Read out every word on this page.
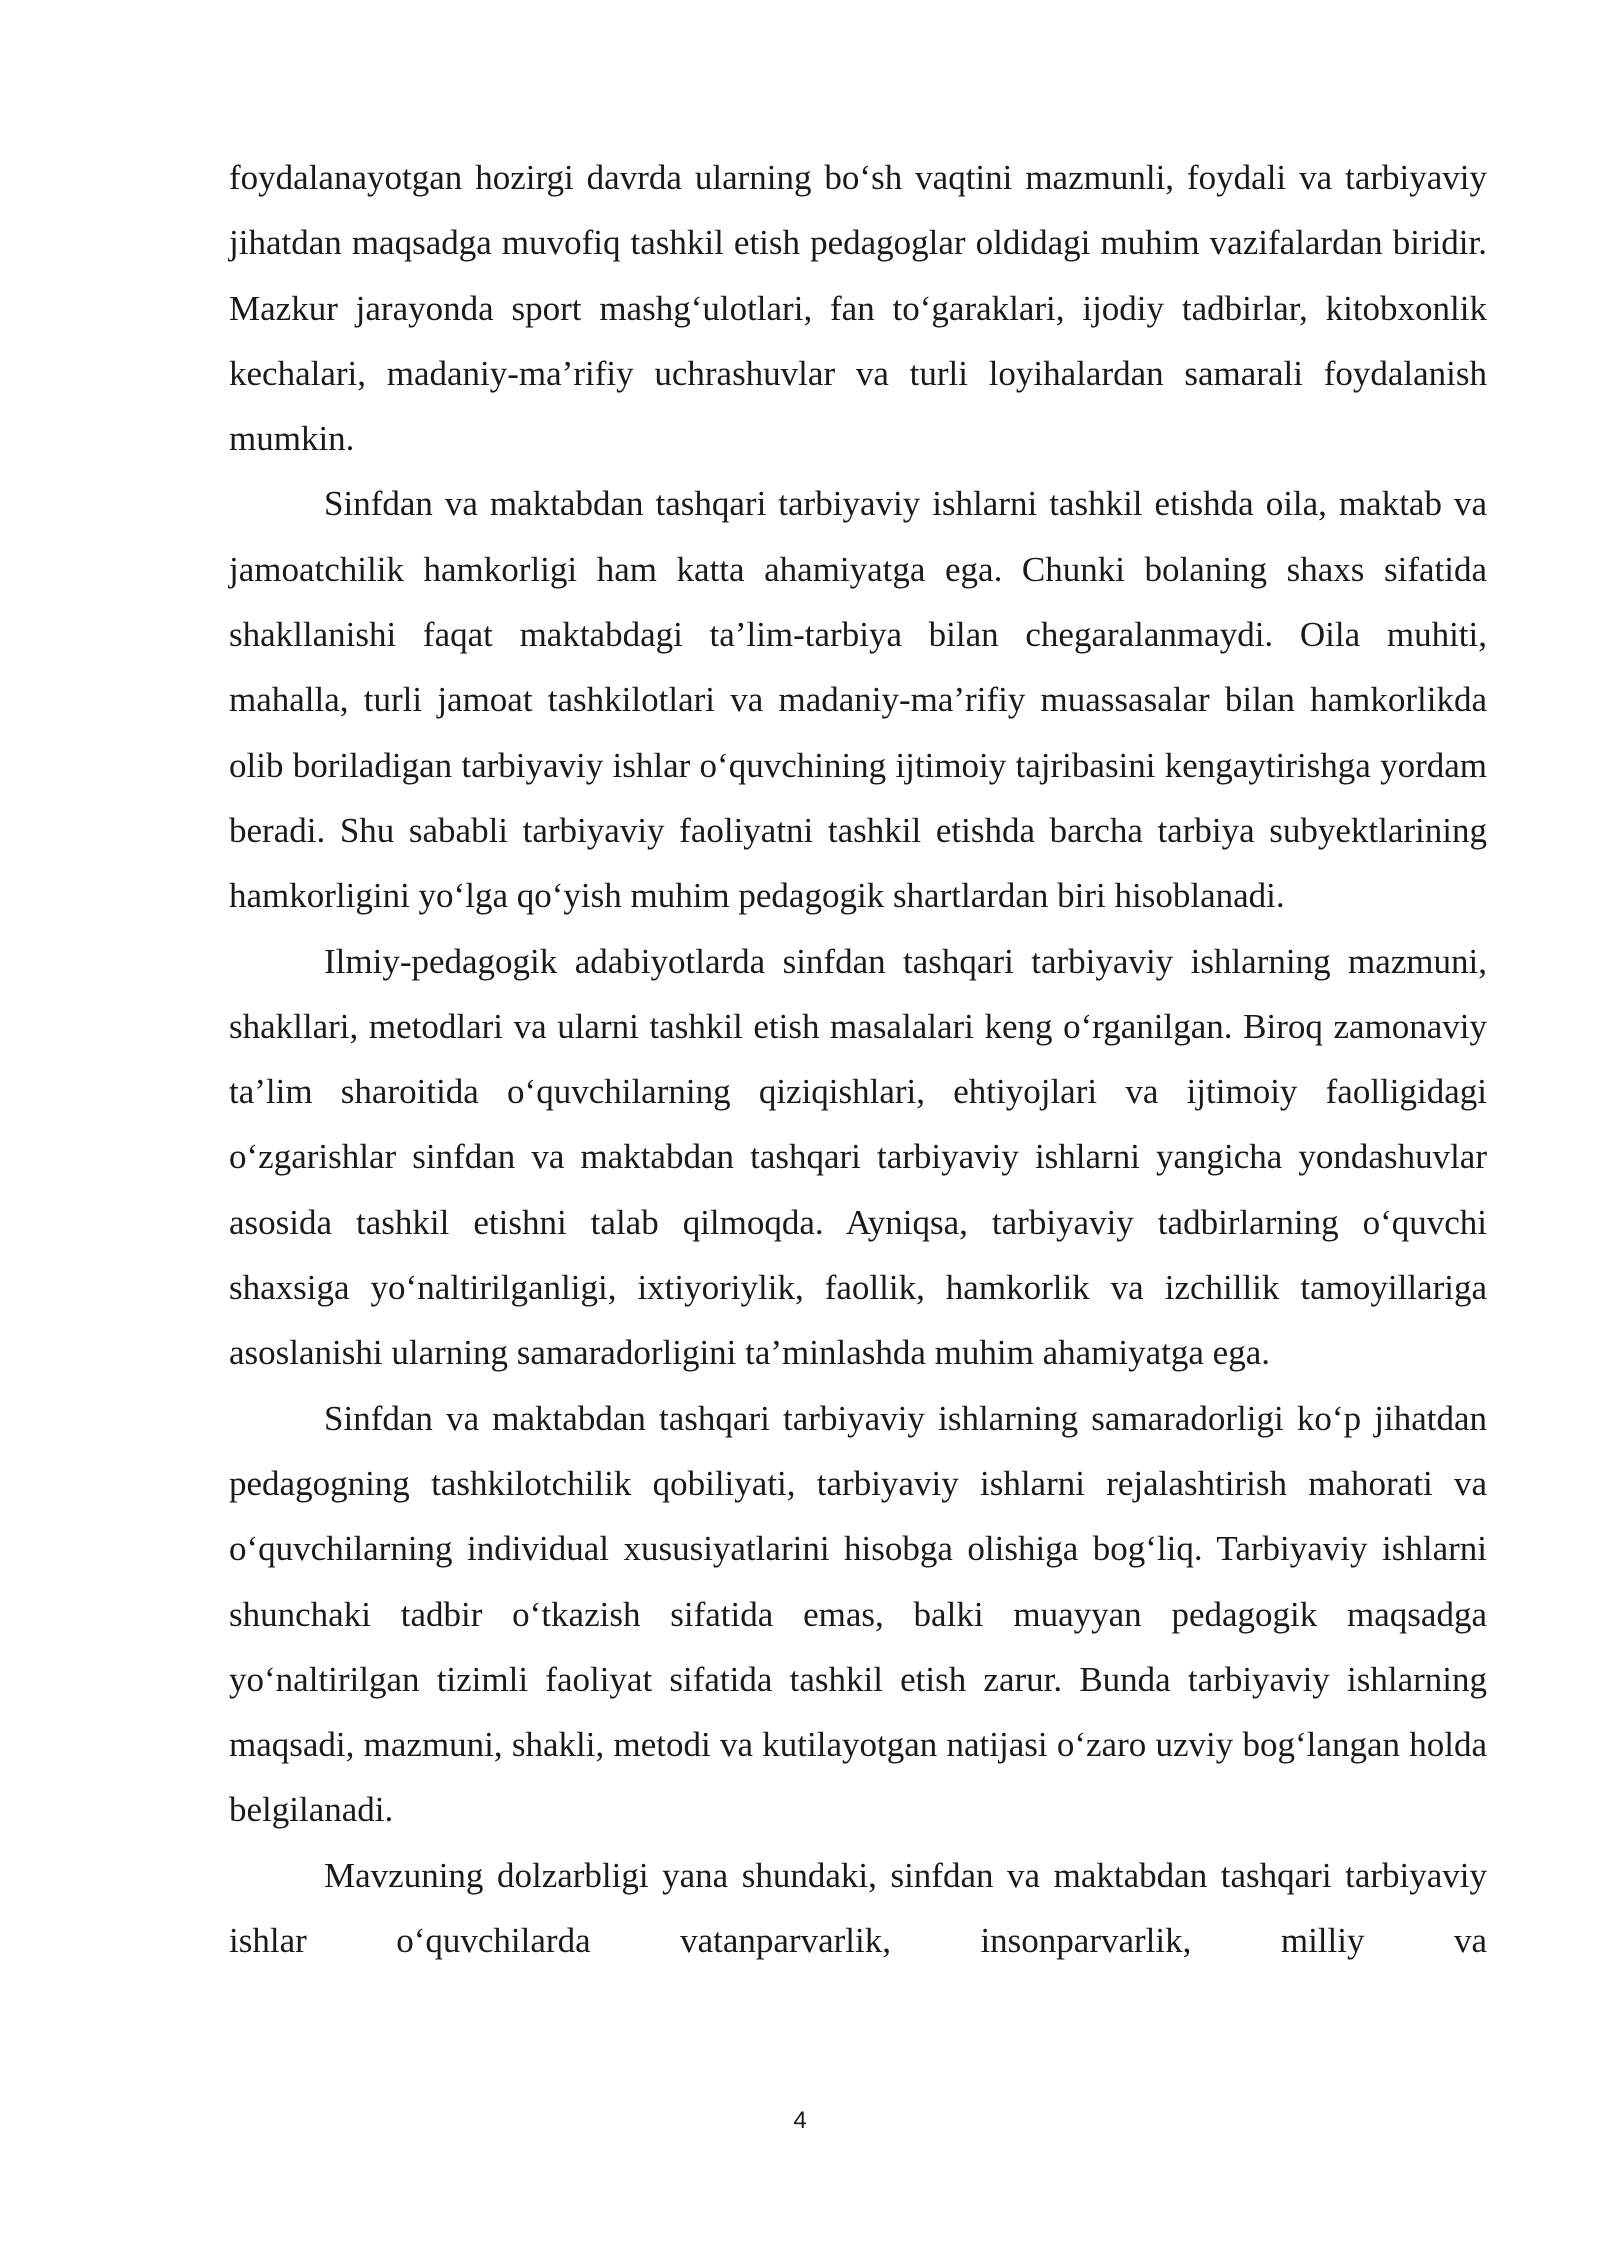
foydalanayotgan hozirgi davrda ularning bo‘sh vaqtini mazmunli, foydali va tarbiyaviy jihatdan maqsadga muvofiq tashkil etish pedagoglar oldidagi muhim vazifalardan biridir. Mazkur jarayonda sport mashg‘ulotlari, fan to‘garaklari, ijodiy tadbirlar, kitobxonlik kechalari, madaniy-ma’rifiy uchrashuvlar va turli loyihalardan samarali foydalanish mumkin.

Sinfdan va maktabdan tashqari tarbiyaviy ishlarni tashkil etishda oila, maktab va jamoatchilik hamkorligi ham katta ahamiyatga ega. Chunki bolaning shaxs sifatida shakllanishi faqat maktabdagi ta’lim-tarbiya bilan chegaralanmaydi. Oila muhiti, mahalla, turli jamoat tashkilotlari va madaniy-ma’rifiy muassasalar bilan hamkorlikda olib boriladigan tarbiyaviy ishlar o‘quvchining ijtimoiy tajribasini kengaytirishga yordam beradi. Shu sababli tarbiyaviy faoliyatni tashkil etishda barcha tarbiya subyektlarining hamkorligini yo‘lga qo‘yish muhim pedagogik shartlardan biri hisoblanadi.

Ilmiy-pedagogik adabiyotlarda sinfdan tashqari tarbiyaviy ishlarning mazmuni, shakllari, metodlari va ularni tashkil etish masalalari keng o‘rganilgan. Biroq zamonaviy ta’lim sharoitida o‘quvchilarning qiziqishlari, ehtiyojlari va ijtimoiy faolligidagi o‘zgarishlar sinfdan va maktabdan tashqari tarbiyaviy ishlarni yangicha yondashuvlar asosida tashkil etishni talab qilmoqda. Ayniqsa, tarbiyaviy tadbirlarning o‘quvchi shaxsiga yo‘naltirilganligi, ixtiyoriylik, faollik, hamkorlik va izchillik tamoyillariga asoslanishi ularning samaradorligini ta’minlashda muhim ahamiyatga ega.

Sinfdan va maktabdan tashqari tarbiyaviy ishlarning samaradorligi ko‘p jihatdan pedagogning tashkilotchilik qobiliyati, tarbiyaviy ishlarni rejalashtirish mahorati va o‘quvchilarning individual xususiyatlarini hisobga olishiga bog‘liq. Tarbiyaviy ishlarni shunchaki tadbir o‘tkazish sifatida emas, balki muayyan pedagogik maqsadga yo‘naltirilgan tizimli faoliyat sifatida tashkil etish zarur. Bunda tarbiyaviy ishlarning maqsadi, mazmuni, shakli, metodi va kutilayotgan natijasi o‘zaro uzviy bog‘langan holda belgilanadi.

Mavzuning dolzarbligi yana shundaki, sinfdan va maktabdan tashqari tarbiyaviy ishlar o‘quvchilarda vatanparvarlik, insonparvarlik, milliy va

4
